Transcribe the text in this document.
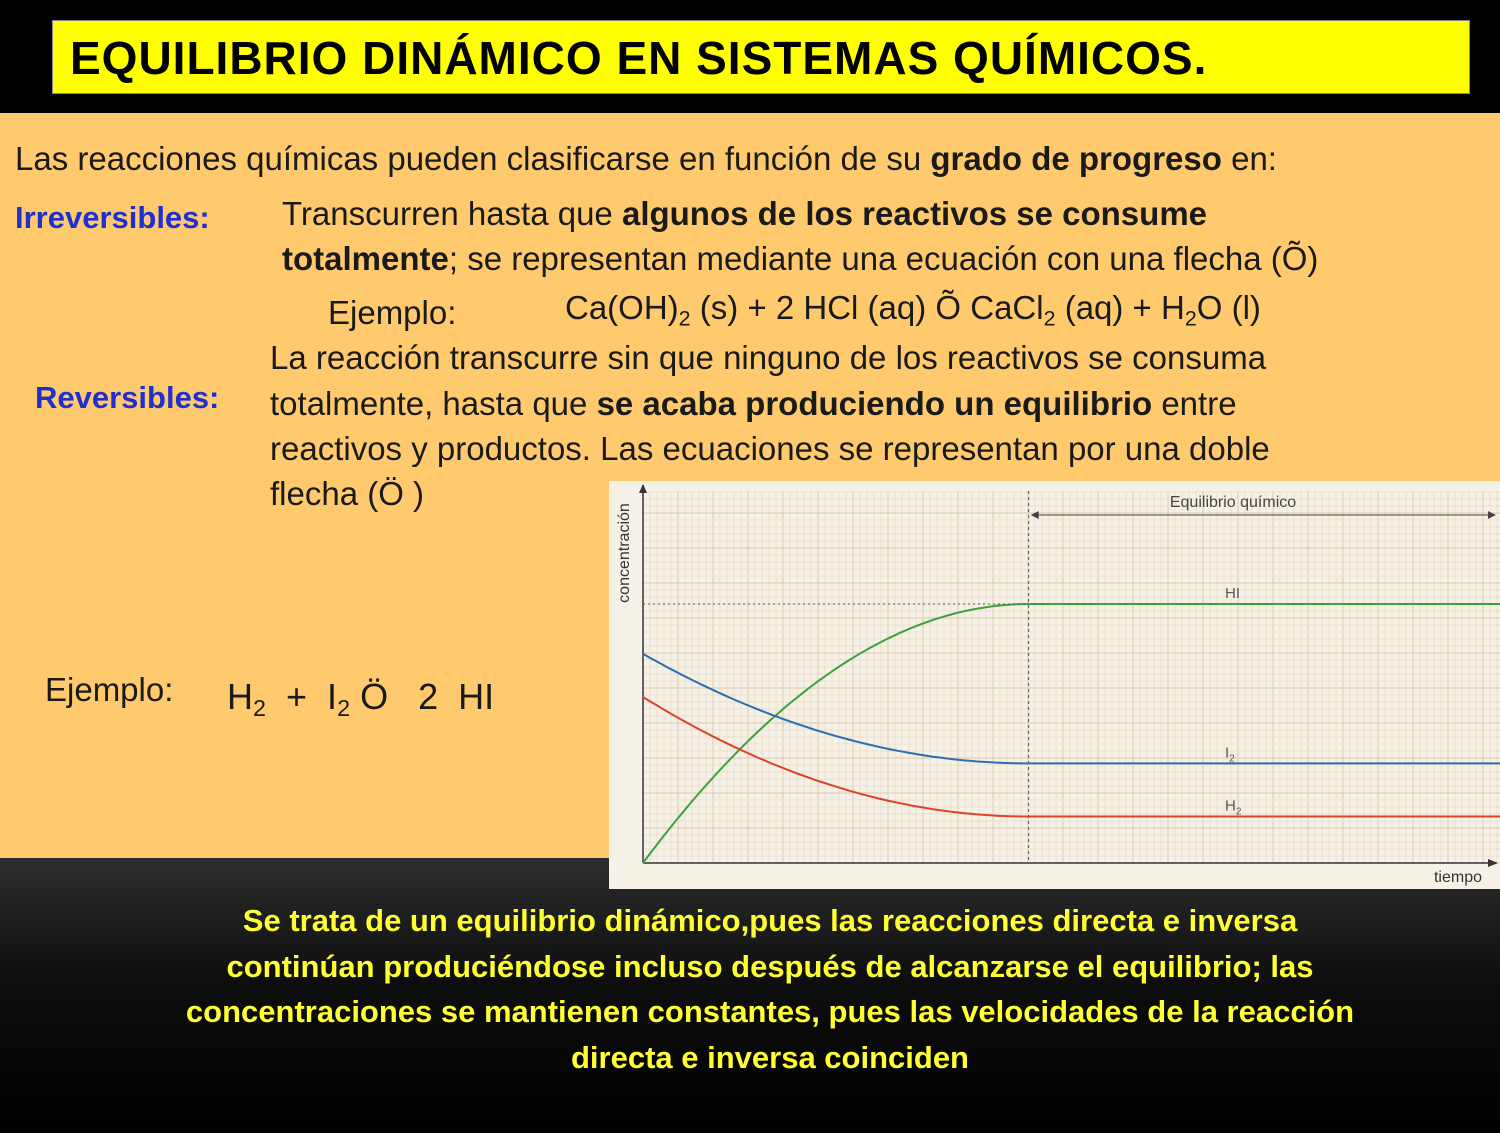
EQUILIBRIO DINÁMICO EN SISTEMAS QUÍMICOS.
Las reacciones químicas pueden clasificarse en función de su grado de progreso en:
Irreversibles: Transcurren hasta que algunos de los reactivos se consume
totalmente; se representan mediante una ecuación con una flecha (Õ)
Ejemplo:	$Ca(OH)_2$ (s) + 2 HCl (aq) Õ CaCl$_2$ $(aq) + H_2O$ (l)
La reacción transcurre sin que ninguno de los reactivos se consuma
Reversibles: totalmente, hasta que se acaba produciendo un equilibrio entre
reactivos y productos. Las ecuaciones se representan por una doble
flecha (Ö )
Ejemplo: $H_2 + I_2$ Ö   2  HI
Equilibrio químico
HI
$I_2$
$H_2$
concentración
tiempo
Se trata de un equilibrio dinámico,pues las reacciones directa e inversa
continúan produciéndose incluso después de alcanzarse el equilibrio; las
concentraciones se mantienen constantes, pues las velocidades de la reacción
directa e inversa coinciden
